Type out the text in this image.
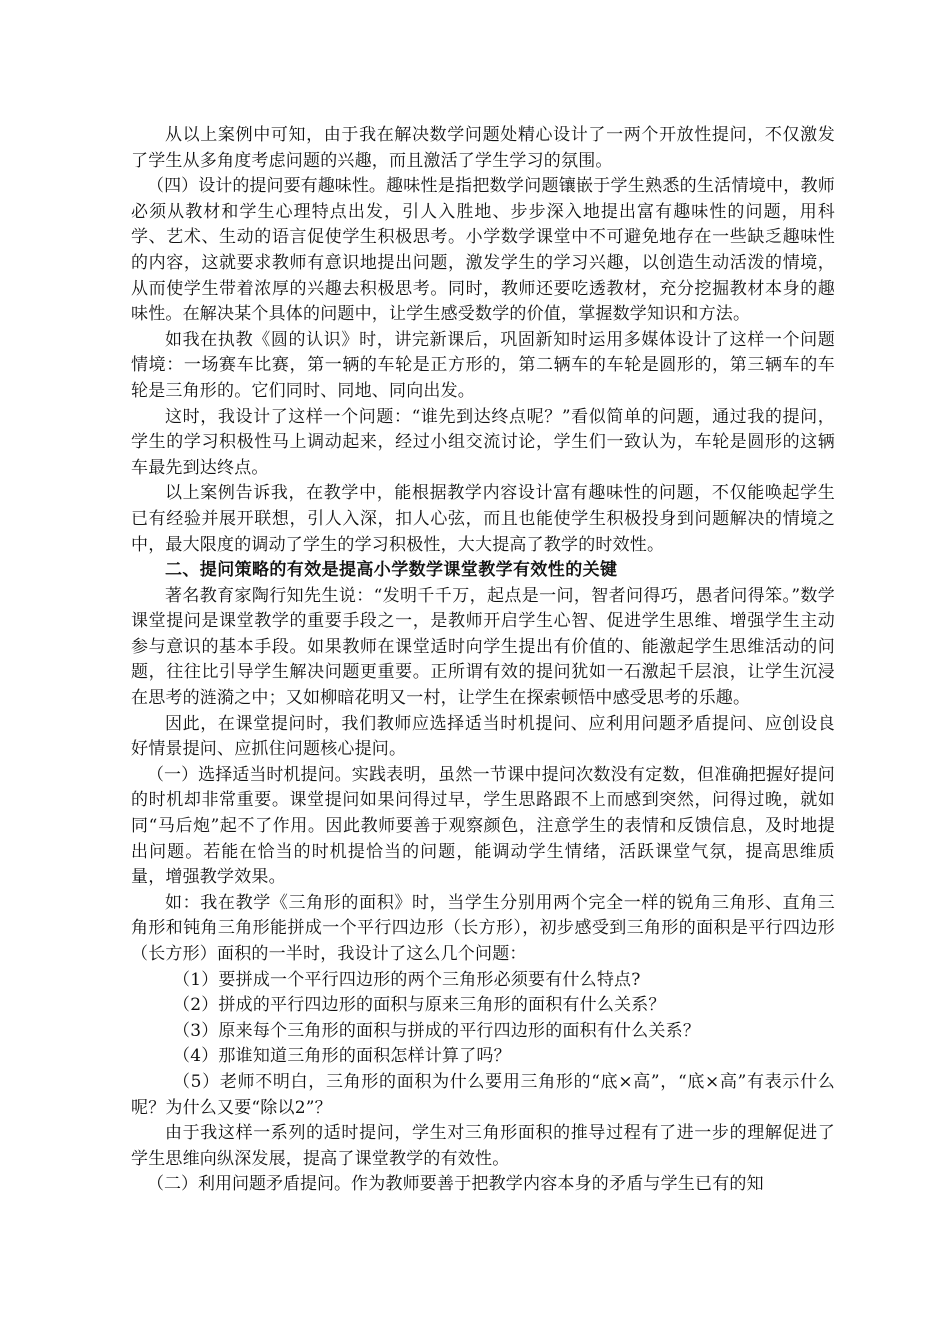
从以上案例中可知，由于我在解决数学问题处精心设计了一两个开放性提问，不仅激发了学生从多角度考虑问题的兴趣，而且激活了学生学习的氛围。

（四）设计的提问要有趣味性。趣味性是指把数学问题镶嵌于学生熟悉的生活情境中，教师必须从教材和学生心理特点出发，引人入胜地、步步深入地提出富有趣味性的问题，用科学、艺术、生动的语言促使学生积极思考。小学数学课堂中不可避免地存在一些缺乏趣味性的内容，这就要求教师有意识地提出问题，激发学生的学习兴趣，以创造生动活泼的情境，从而使学生带着浓厚的兴趣去积极思考。同时，教师还要吃透教材，充分挖掘教材本身的趣味性。在解决某个具体的问题中，让学生感受数学的价值，掌握数学知识和方法。

如我在执教《圆的认识》时，讲完新课后，巩固新知时运用多媒体设计了这样一个问题情境：一场赛车比赛，第一辆的车轮是正方形的，第二辆车的车轮是圆形的，第三辆车的车轮是三角形的。它们同时、同地、同向出发。

这时，我设计了这样一个问题：“谁先到达终点呢？”看似简单的问题，通过我的提问，学生的学习积极性马上调动起来，经过小组交流讨论，学生们一致认为，车轮是圆形的这辆车最先到达终点。

以上案例告诉我，在教学中，能根据教学内容设计富有趣味性的问题，不仅能唤起学生已有经验并展开联想，引人入深，扣人心弦，而且也能使学生积极投身到问题解决的情境之中，最大限度的调动了学生的学习积极性，大大提高了教学的时效性。

二、提问策略的有效是提高小学数学课堂教学有效性的关键

著名教育家陶行知先生说：“发明千千万，起点是一问，智者问得巧，愚者问得笨。”数学课堂提问是课堂教学的重要手段之一，是教师开启学生心智、促进学生思维、增强学生主动参与意识的基本手段。如果教师在课堂适时向学生提出有价值的、能激起学生思维活动的问题，往往比引导学生解决问题更重要。正所谓有效的提问犹如一石激起千层浪，让学生沉浸在思考的涟漪之中；又如柳暗花明又一村，让学生在探索顿悟中感受思考的乐趣。

因此，在课堂提问时，我们教师应选择适当时机提问、应利用问题矛盾提问、应创设良好情景提问、应抓住问题核心提问。

（一）选择适当时机提问。实践表明，虽然一节课中提问次数没有定数，但准确把握好提问的时机却非常重要。课堂提问如果问得过早，学生思路跟不上而感到突然，问得过晚，就如同“马后炮”起不了作用。因此教师要善于观察颜色，注意学生的表情和反馈信息，及时地提出问题。若能在恰当的时机提恰当的问题，能调动学生情绪，活跃课堂气氛，提高思维质量，增强教学效果。

如：我在教学《三角形的面积》时，当学生分别用两个完全一样的锐角三角形、直角三角形和钝角三角形能拼成一个平行四边形（长方形），初步感受到三角形的面积是平行四边形（长方形）面积的一半时，我设计了这么几个问题：

（1）要拼成一个平行四边形的两个三角形必须要有什么特点?

（2）拼成的平行四边形的面积与原来三角形的面积有什么关系？

（3）原来每个三角形的面积与拼成的平行四边形的面积有什么关系？

（4）那谁知道三角形的面积怎样计算了吗？

（5）老师不明白，三角形的面积为什么要用三角形的“底×高”，“底×高”有表示什么呢？为什么又要“除以2”？

由于我这样一系列的适时提问，学生对三角形面积的推导过程有了进一步的理解促进了学生思维向纵深发展，提高了课堂教学的有效性。

（二）利用问题矛盾提问。作为教师要善于把教学内容本身的矛盾与学生已有的知
